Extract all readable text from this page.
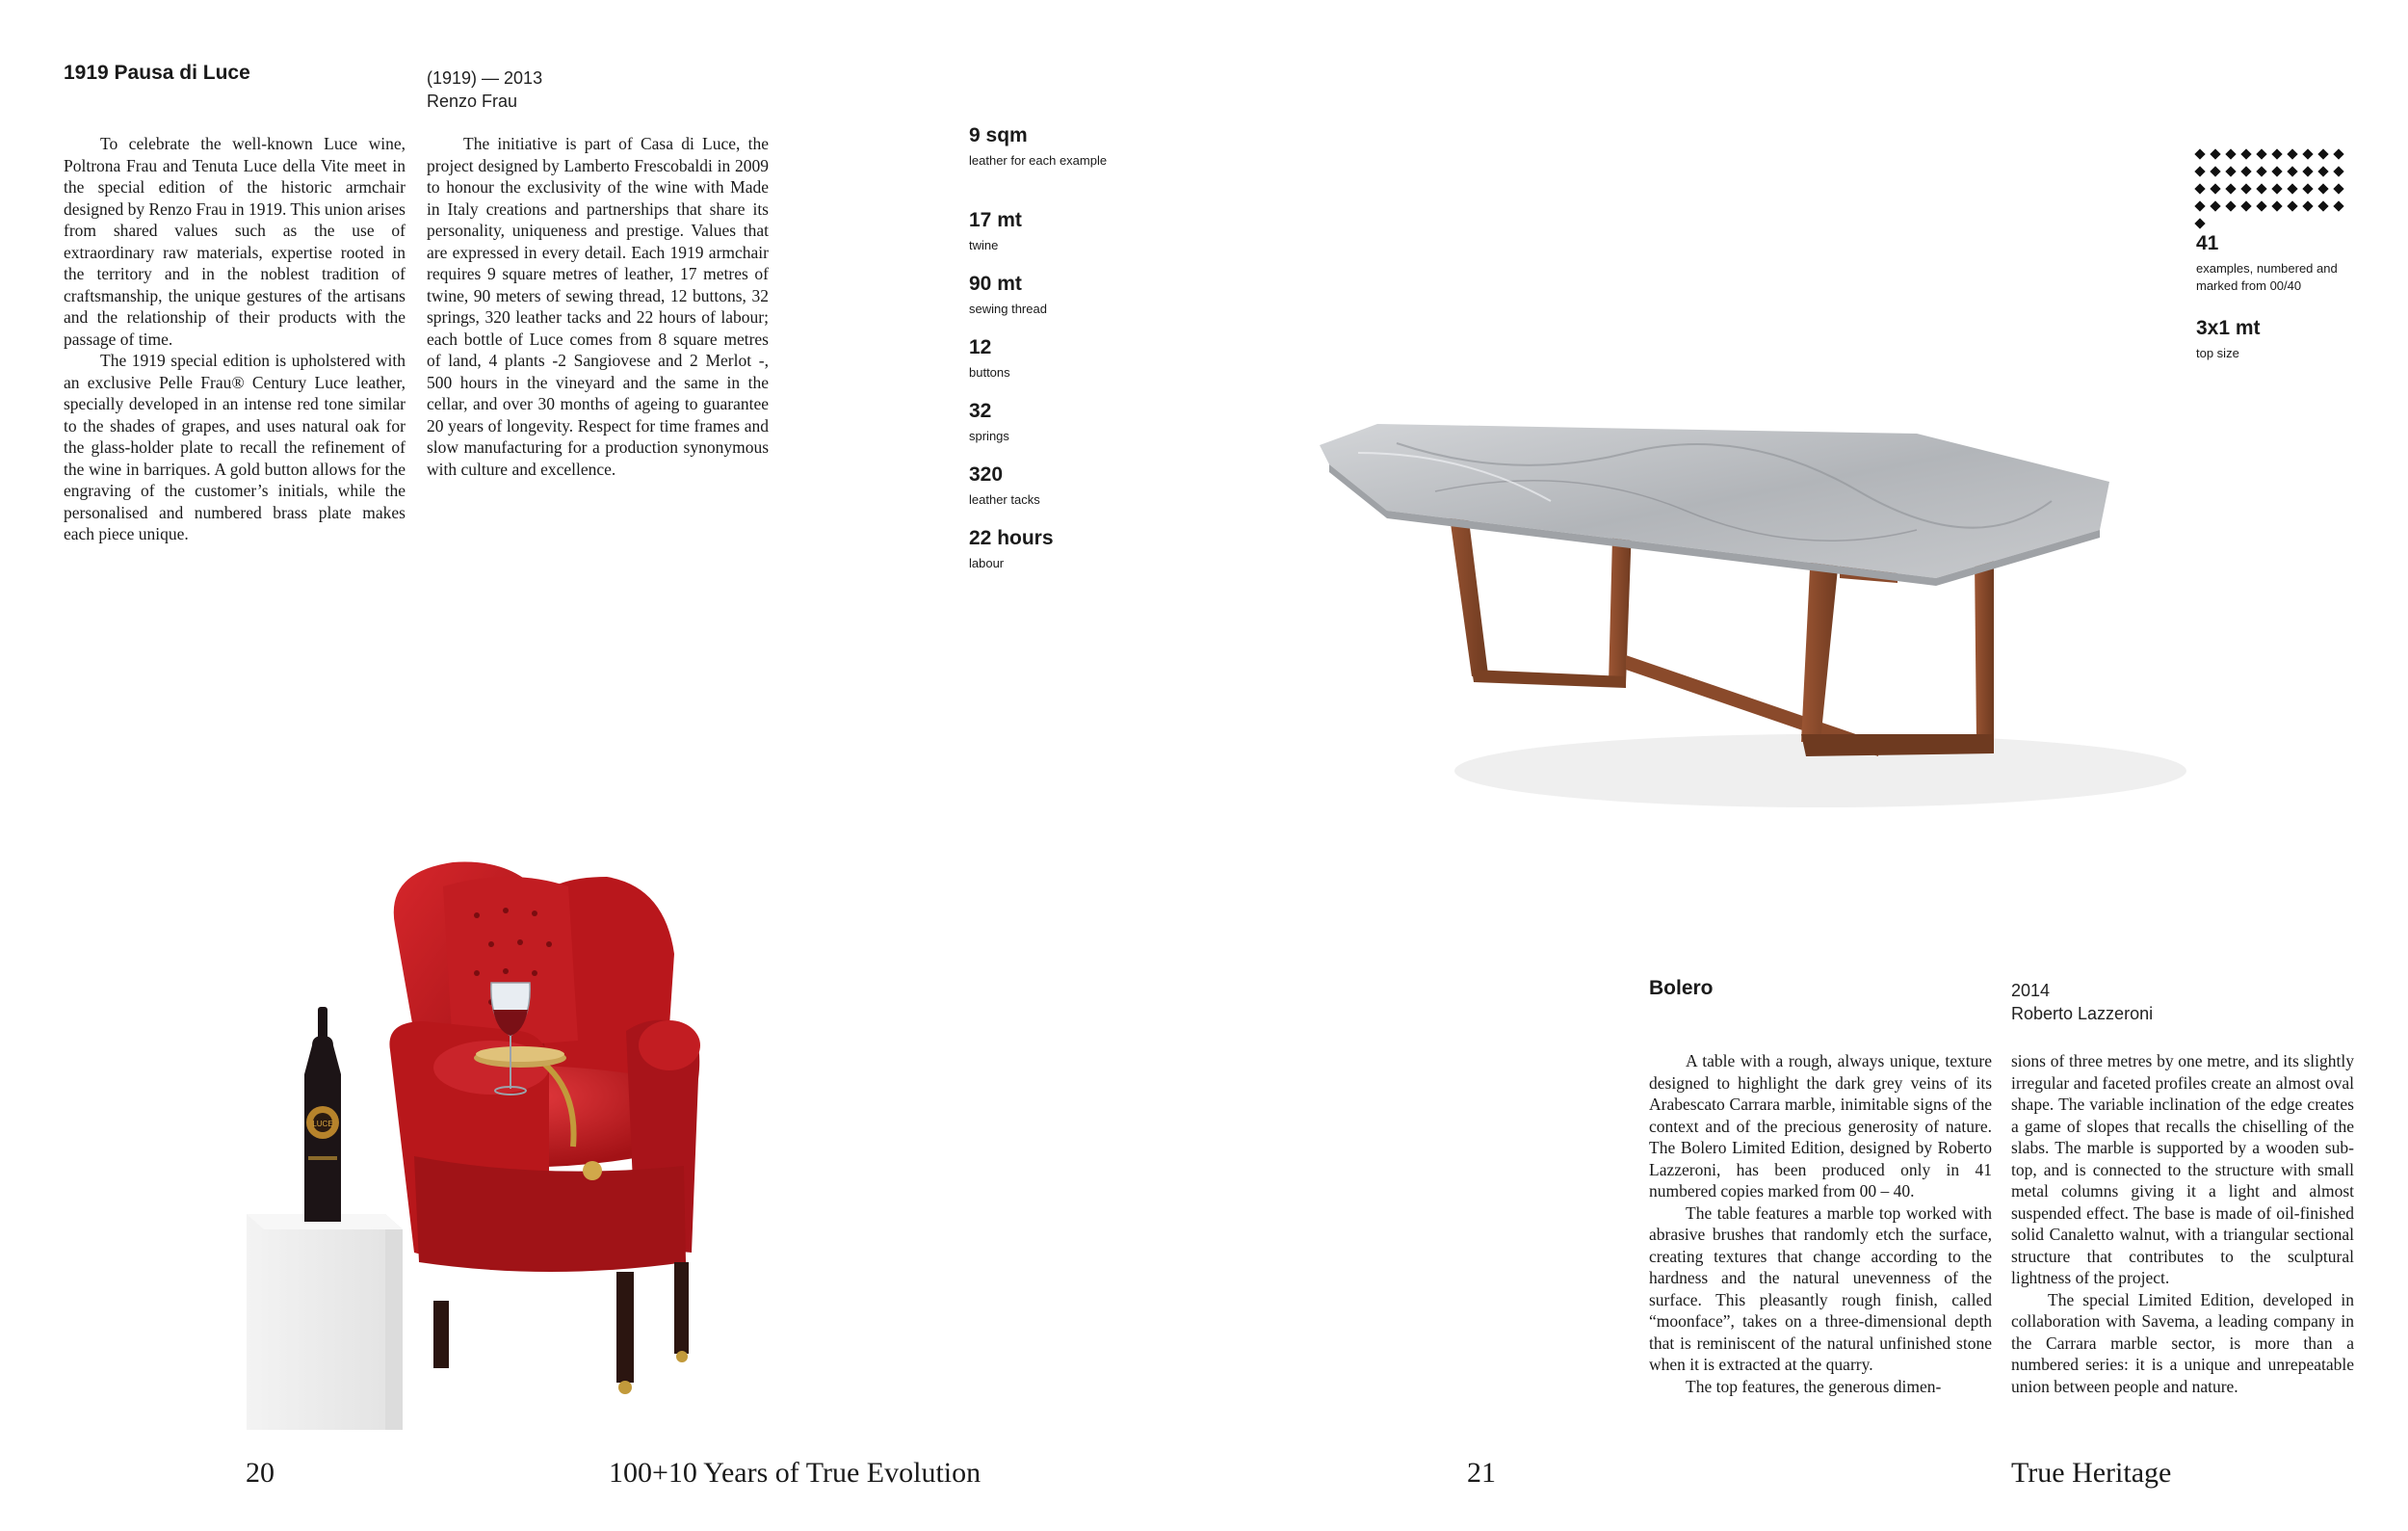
1919 Pausa di Luce	(1919) — 2013
Renzo Frau

To celebrate the well-known Luce wine, Poltrona Frau and Tenuta Luce della Vite meet in the special edition of the historic armchair designed by Renzo Frau in 1919. This union arises from shared values such as the use of extraordinary raw materials, expertise rooted in the territory and in the noblest tradition of craftsmanship, the unique gestures of the artisans and the relationship of their products with the passage of time.

The 1919 special edition is upholstered with an exclusive Pelle Frau® Century Luce leather, specially developed in an intense red tone similar to the shades of grapes, and uses natural oak for the glass-holder plate to recall the refinement of the wine in barriques. A gold button allows for the engraving of the customer’s initials, while the personalised and numbered brass plate makes each piece unique.

The initiative is part of Casa di Luce, the project designed by Lamberto Frescobaldi in 2009 to honour the exclusivity of the wine with Made in Italy creations and partnerships that share its personality, uniqueness and prestige. Values that are expressed in every detail. Each 1919 armchair requires 9 square metres of leather, 17 metres of twine, 90 meters of sewing thread, 12 buttons, 32 springs, 320 leather tacks and 22 hours of labour; each bottle of Luce comes from 8 square metres of land, 4 plants -2 Sangiovese and 2 Merlot -, 500 hours in the vineyard and the same in the cellar, and over 30 months of ageing to guarantee 20 years of longevity. Respect for time frames and slow manufacturing for a production synonymous with culture and excellence.

9 sqm
leather for each example
17 mt
twine
90 mt
sewing thread
12
buttons
32
springs
320
leather tacks
22 hours
labour
LUCE
20	100+10 Years of True Evolution
41
examples, numbered and marked from 00/40
3x1 mt
top size
Bolero	2014
Roberto Lazzeroni

A table with a rough, always unique, texture designed to highlight the dark grey veins of its Arabescato Carrara marble, inimitable signs of the context and of the precious generosity of nature. The Bolero Limited Edition, designed by Roberto Lazzeroni, has been produced only in 41 numbered copies marked from 00 – 40.

The table features a marble top worked with abrasive brushes that randomly etch the surface, creating textures that change according to the hardness and the natural unevenness of the surface. This pleasantly rough finish, called “moonface”, takes on a three-dimensional depth that is reminiscent of the natural unfinished stone when it is extracted at the quarry.

The top features, the generous dimen-

sions of three metres by one metre, and its slightly irregular and faceted profiles create an almost oval shape. The variable inclination of the edge creates a game of slopes that recalls the chiselling of the slabs. The marble is supported by a wooden sub-top, and is connected to the structure with small metal columns giving it a light and almost suspended effect. The base is made of oil-finished solid Canaletto walnut, with a triangular sectional structure that contributes to the sculptural lightness of the project.

The special Limited Edition, developed in collaboration with Savema, a leading company in the Carrara marble sector, is more than a numbered series: it is a unique and unrepeatable union between people and nature.

21	True Heritage
